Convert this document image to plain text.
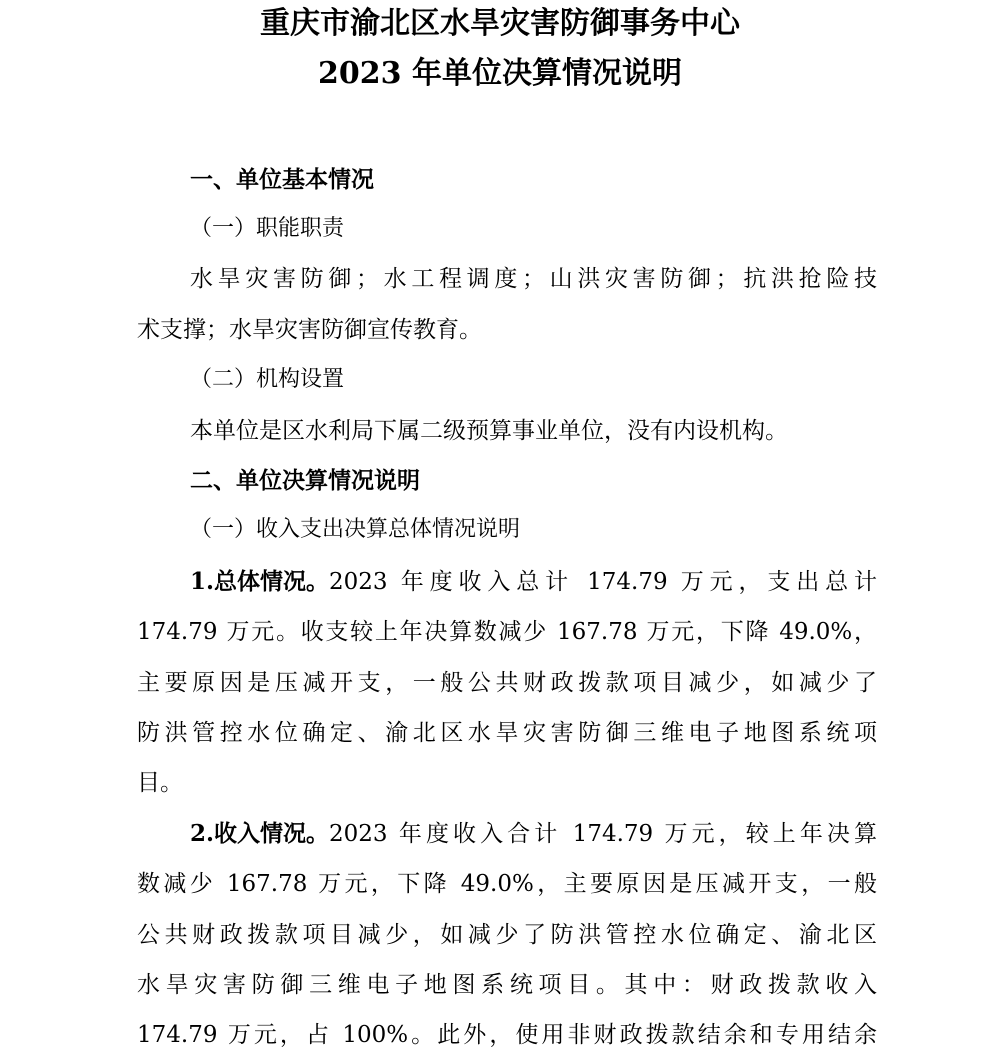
重庆市渝北区水旱灾害防御事务中心
2023 年单位决算情况说明
一、单位基本情况
（一）职能职责
水旱灾害防御；水工程调度；山洪灾害防御；抗洪抢险技
术支撑；水旱灾害防御宣传教育。
（二）机构设置
本单位是区水利局下属二级预算事业单位，没有内设机构。
二、单位决算情况说明
（一）收入支出决算总体情况说明
1.总体情况。 2023 年度收入总计 174.79 万元，支出总计
174.79 万元。收支较上年决算数减少 167.78 万元，下降 49.0%，
主要原因是压减开支，一般公共财政拨款项目减少，如减少了
防洪管控水位确定、渝北区水旱灾害防御三维电子地图系统项
目。
2.收入情况。 2023 年度收入合计 174.79 万元，较上年决算
数减少 167.78 万元，下降 49.0%，主要原因是压减开支，一般
公共财政拨款项目减少，如减少了防洪管控水位确定、渝北区
水旱灾害防御三维电子地图系统项目。其中：财政拨款收入
174.79 万元，占 100%。此外，使用非财政拨款结余和专用结余
